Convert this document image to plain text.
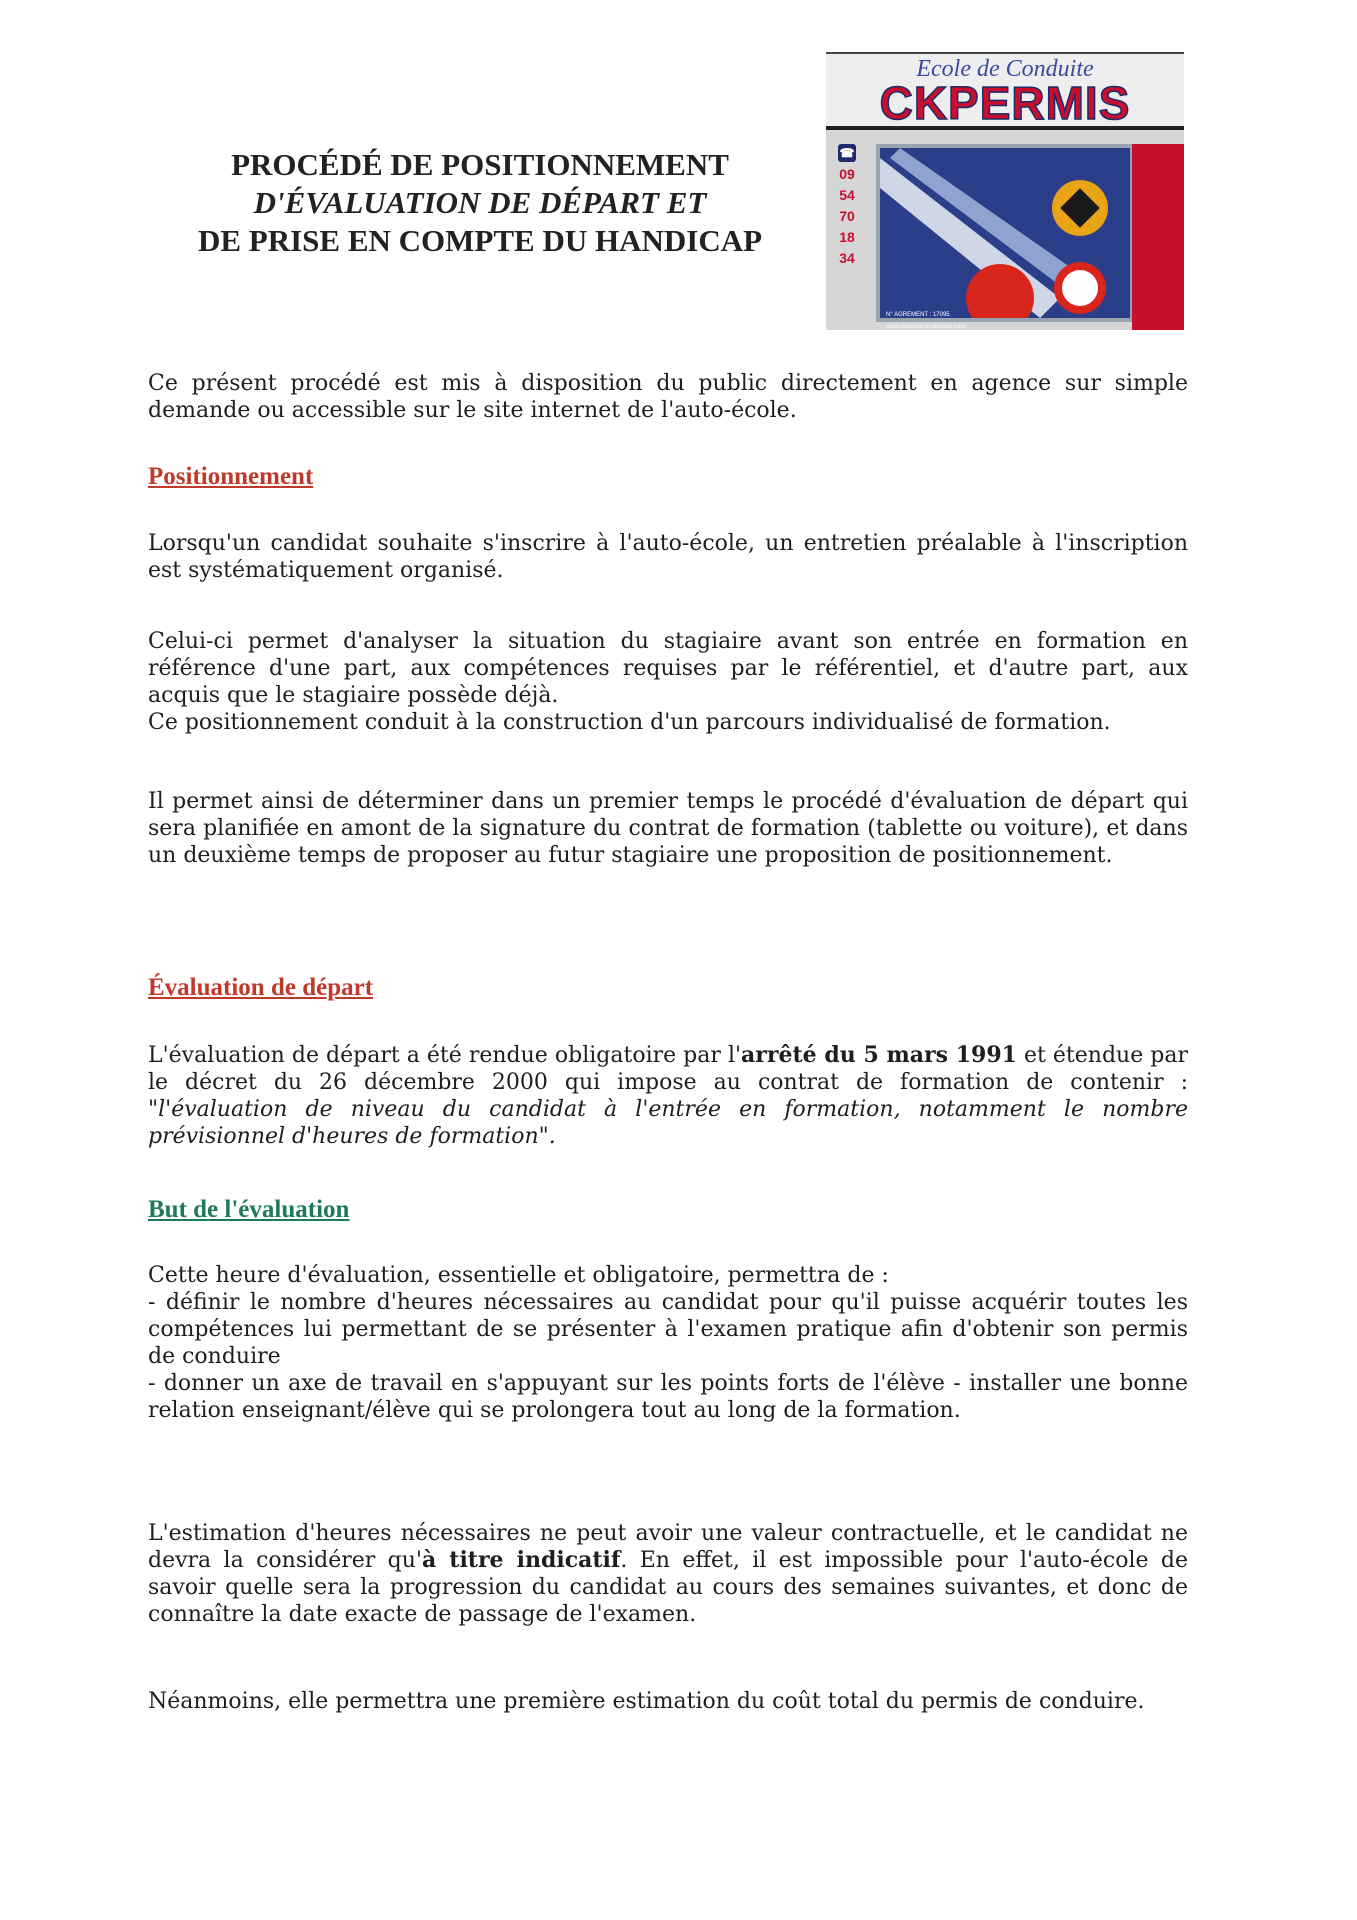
PROCÉDÉ DE POSITIONNEMENT
D'ÉVALUATION DE DÉPART ET
DE PRISE EN COMPTE DU HANDICAP
Ecole de Conduite
CKPERMIS
☎
09
54
70
18
34
N° AGREMENT : 17095
www.ckpermis.e-monsite.com

Ce présent procédé est mis à disposition du public directement en agence sur simple demande ou accessible sur le site internet de l'auto-école.

Positionnement

Lorsqu'un candidat souhaite s'inscrire à l'auto-école, un entretien préalable à l'inscription est systématiquement organisé.

Celui-ci permet d'analyser la situation du stagiaire avant son entrée en formation en référence d'une part, aux compétences requises par le référentiel, et d'autre part, aux acquis que le stagiaire possède déjà.

Ce positionnement conduit à la construction d'un parcours individualisé de formation.

Il permet ainsi de déterminer dans un premier temps le procédé d'évaluation de départ qui sera planifiée en amont de la signature du contrat de formation (tablette ou voiture), et dans un deuxième temps de proposer au futur stagiaire une proposition de positionnement.

Évaluation de départ

L'évaluation de départ a été rendue obligatoire par l'arrêté du 5 mars 1991 et étendue par le décret du 26 décembre 2000 qui impose au contrat de formation de contenir : "l'évaluation de niveau du candidat à l'entrée en formation, notamment le nombre prévisionnel d'heures de formation".

But de l'évaluation

Cette heure d'évaluation, essentielle et obligatoire, permettra de :

- définir le nombre d'heures nécessaires au candidat pour qu'il puisse acquérir toutes les compétences lui permettant de se présenter à l'examen pratique afin d'obtenir son permis de conduire

- donner un axe de travail en s'appuyant sur les points forts de l'élève - installer une bonne relation enseignant/élève qui se prolongera tout au long de la formation.

L'estimation d'heures nécessaires ne peut avoir une valeur contractuelle, et le candidat ne devra la considérer qu'à titre indicatif. En effet, il est impossible pour l'auto-école de savoir quelle sera la progression du candidat au cours des semaines suivantes, et donc de connaître la date exacte de passage de l'examen.

Néanmoins, elle permettra une première estimation du coût total du permis de conduire.
